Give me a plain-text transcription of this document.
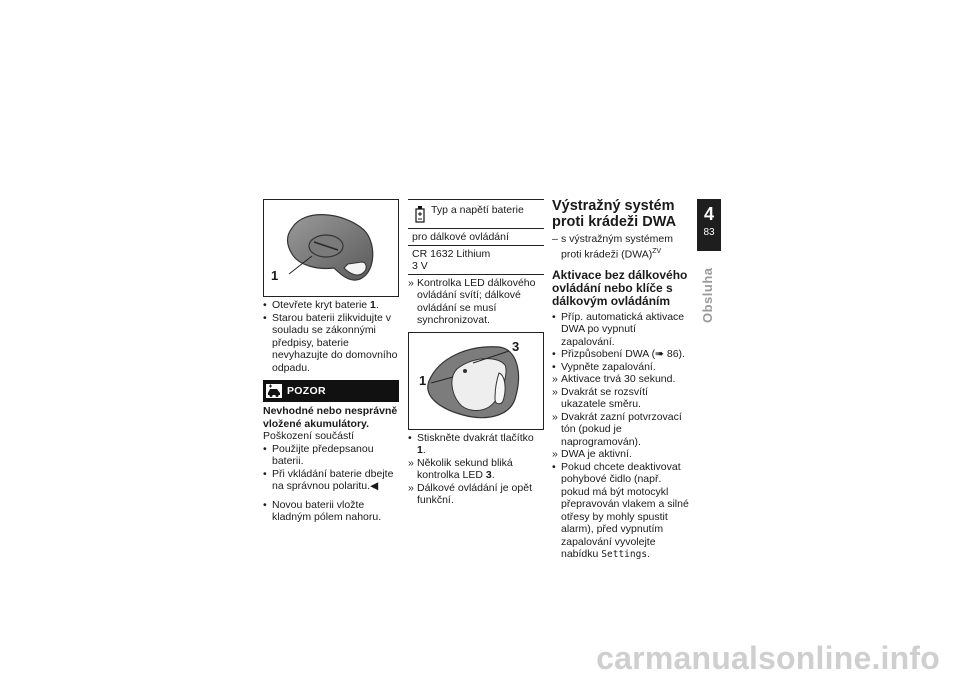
1
• Otevřete kryt baterie 1.
• Starou baterii zlikvidujte v souladu se zákonnými předpisy, baterie nevyhazujte do domovního odpadu.
POZOR
Nevhodné nebo nesprávně vložené akumulátory.
Poškození součástí
• Použijte předepsanou baterii.
• Při vkládání baterie dbejte na správnou polaritu.◀
• Novou baterii vložte kladným pólem nahoru.
Typ a napětí baterie
pro dálkové ovládání
CR 1632 Lithium
3 V
» Kontrolka LED dálkového ovládání svítí; dálkové ovládání se musí synchronizovat.
1
3
• Stiskněte dvakrát tlačítko 1.
» Několik sekund bliká kontrolka LED 3.
» Dálkové ovládání je opět funkční.
Výstražný systém proti krádeži DWA
– s výstražným systémem proti krádeži (DWA)$^{ZV}$
Aktivace bez dálkového ovládání nebo klíče s dálkovým ovládáním
• Příp. automatická aktivace DWA po vypnutí zapalování.
• Přizpůsobení DWA (➠ 86).
• Vypněte zapalování.
» Aktivace trvá 30 sekund.
» Dvakrát se rozsvítí ukazatele směru.
» Dvakrát zazní potvrzovací tón (pokud je naprogramován).
» DWA je aktivní.
• Pokud chcete deaktivovat pohybové čidlo (např. pokud má být motocykl přepravován vlakem a silné otřesy by mohly spustit alarm), před vypnutím zapalování vyvolejte nabídku Settings.
4
83
Obsluha
carmanualsonline.info
